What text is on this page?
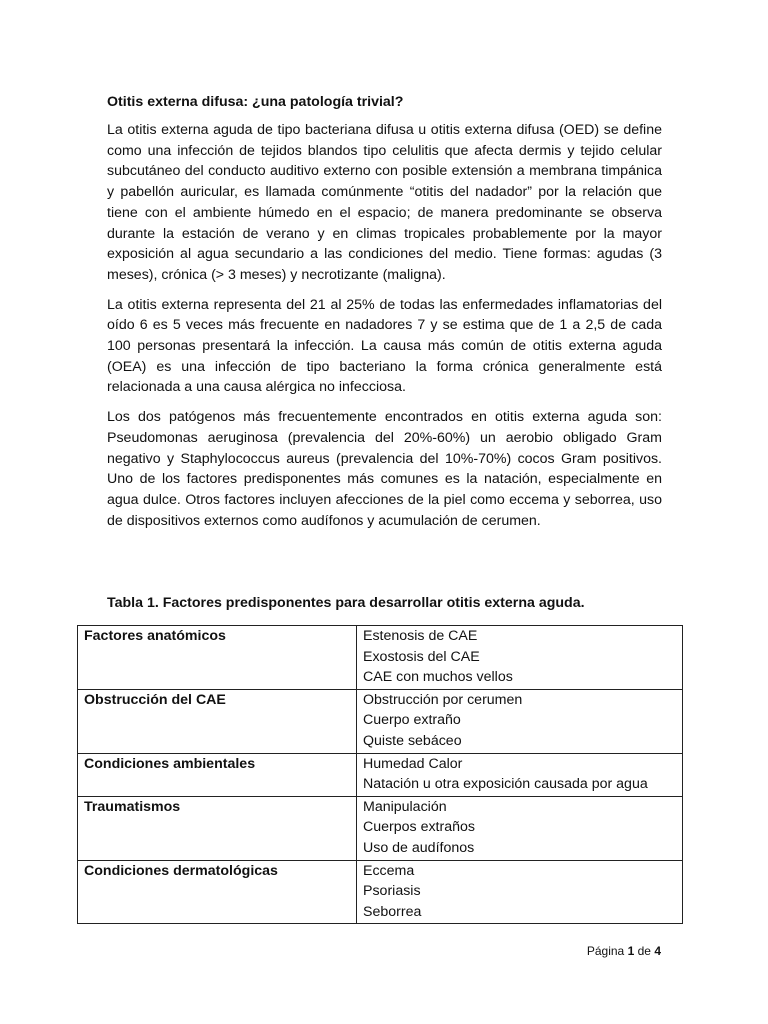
Otitis externa difusa: ¿una patología trivial?

La otitis externa aguda de tipo bacteriana difusa u otitis externa difusa (OED) se define como una infección de tejidos blandos tipo celulitis que afecta dermis y tejido celular subcutáneo del conducto auditivo externo con posible extensión a membrana timpánica y pabellón auricular, es llamada comúnmente “otitis del nadador” por la relación que tiene con el ambiente húmedo en el espacio; de manera predominante se observa durante la estación de verano y en climas tropicales probablemente por la mayor exposición al agua secundario a las condiciones del medio. Tiene formas: agudas (3 meses), crónica (> 3 meses) y necrotizante (maligna).

La otitis externa representa del 21 al 25% de todas las enfermedades inflamatorias del oído 6 es 5 veces más frecuente en nadadores 7 y se estima que de 1 a 2,5 de cada 100 personas presentará la infección. La causa más común de otitis externa aguda (OEA) es una infección de tipo bacteriano la forma crónica generalmente está relacionada a una causa alérgica no infecciosa.

Los dos patógenos más frecuentemente encontrados en otitis externa aguda son: Pseudomonas aeruginosa (prevalencia del 20%-60%) un aerobio obligado Gram negativo y Staphylococcus aureus (prevalencia del 10%-70%) cocos Gram positivos. Uno de los factores predisponentes más comunes es la natación, especialmente en agua dulce. Otros factores incluyen afecciones de la piel como eccema y seborrea, uso de dispositivos externos como audífonos y acumulación de cerumen.

Tabla 1. Factores predisponentes para desarrollar otitis externa aguda.
Factores anatómicos	Estenosis de CAE
Exostosis del CAE
CAE con muchos vellos

Obstrucción del CAE	Obstrucción por cerumen
Cuerpo extraño
Quiste sebáceo

Condiciones ambientales	Humedad Calor
Natación u otra exposición causada por agua

Traumatismos	Manipulación
Cuerpos extraños
Uso de audífonos

Condiciones dermatológicas	Eccema
Psoriasis
Seborrea
Página 1 de 4
